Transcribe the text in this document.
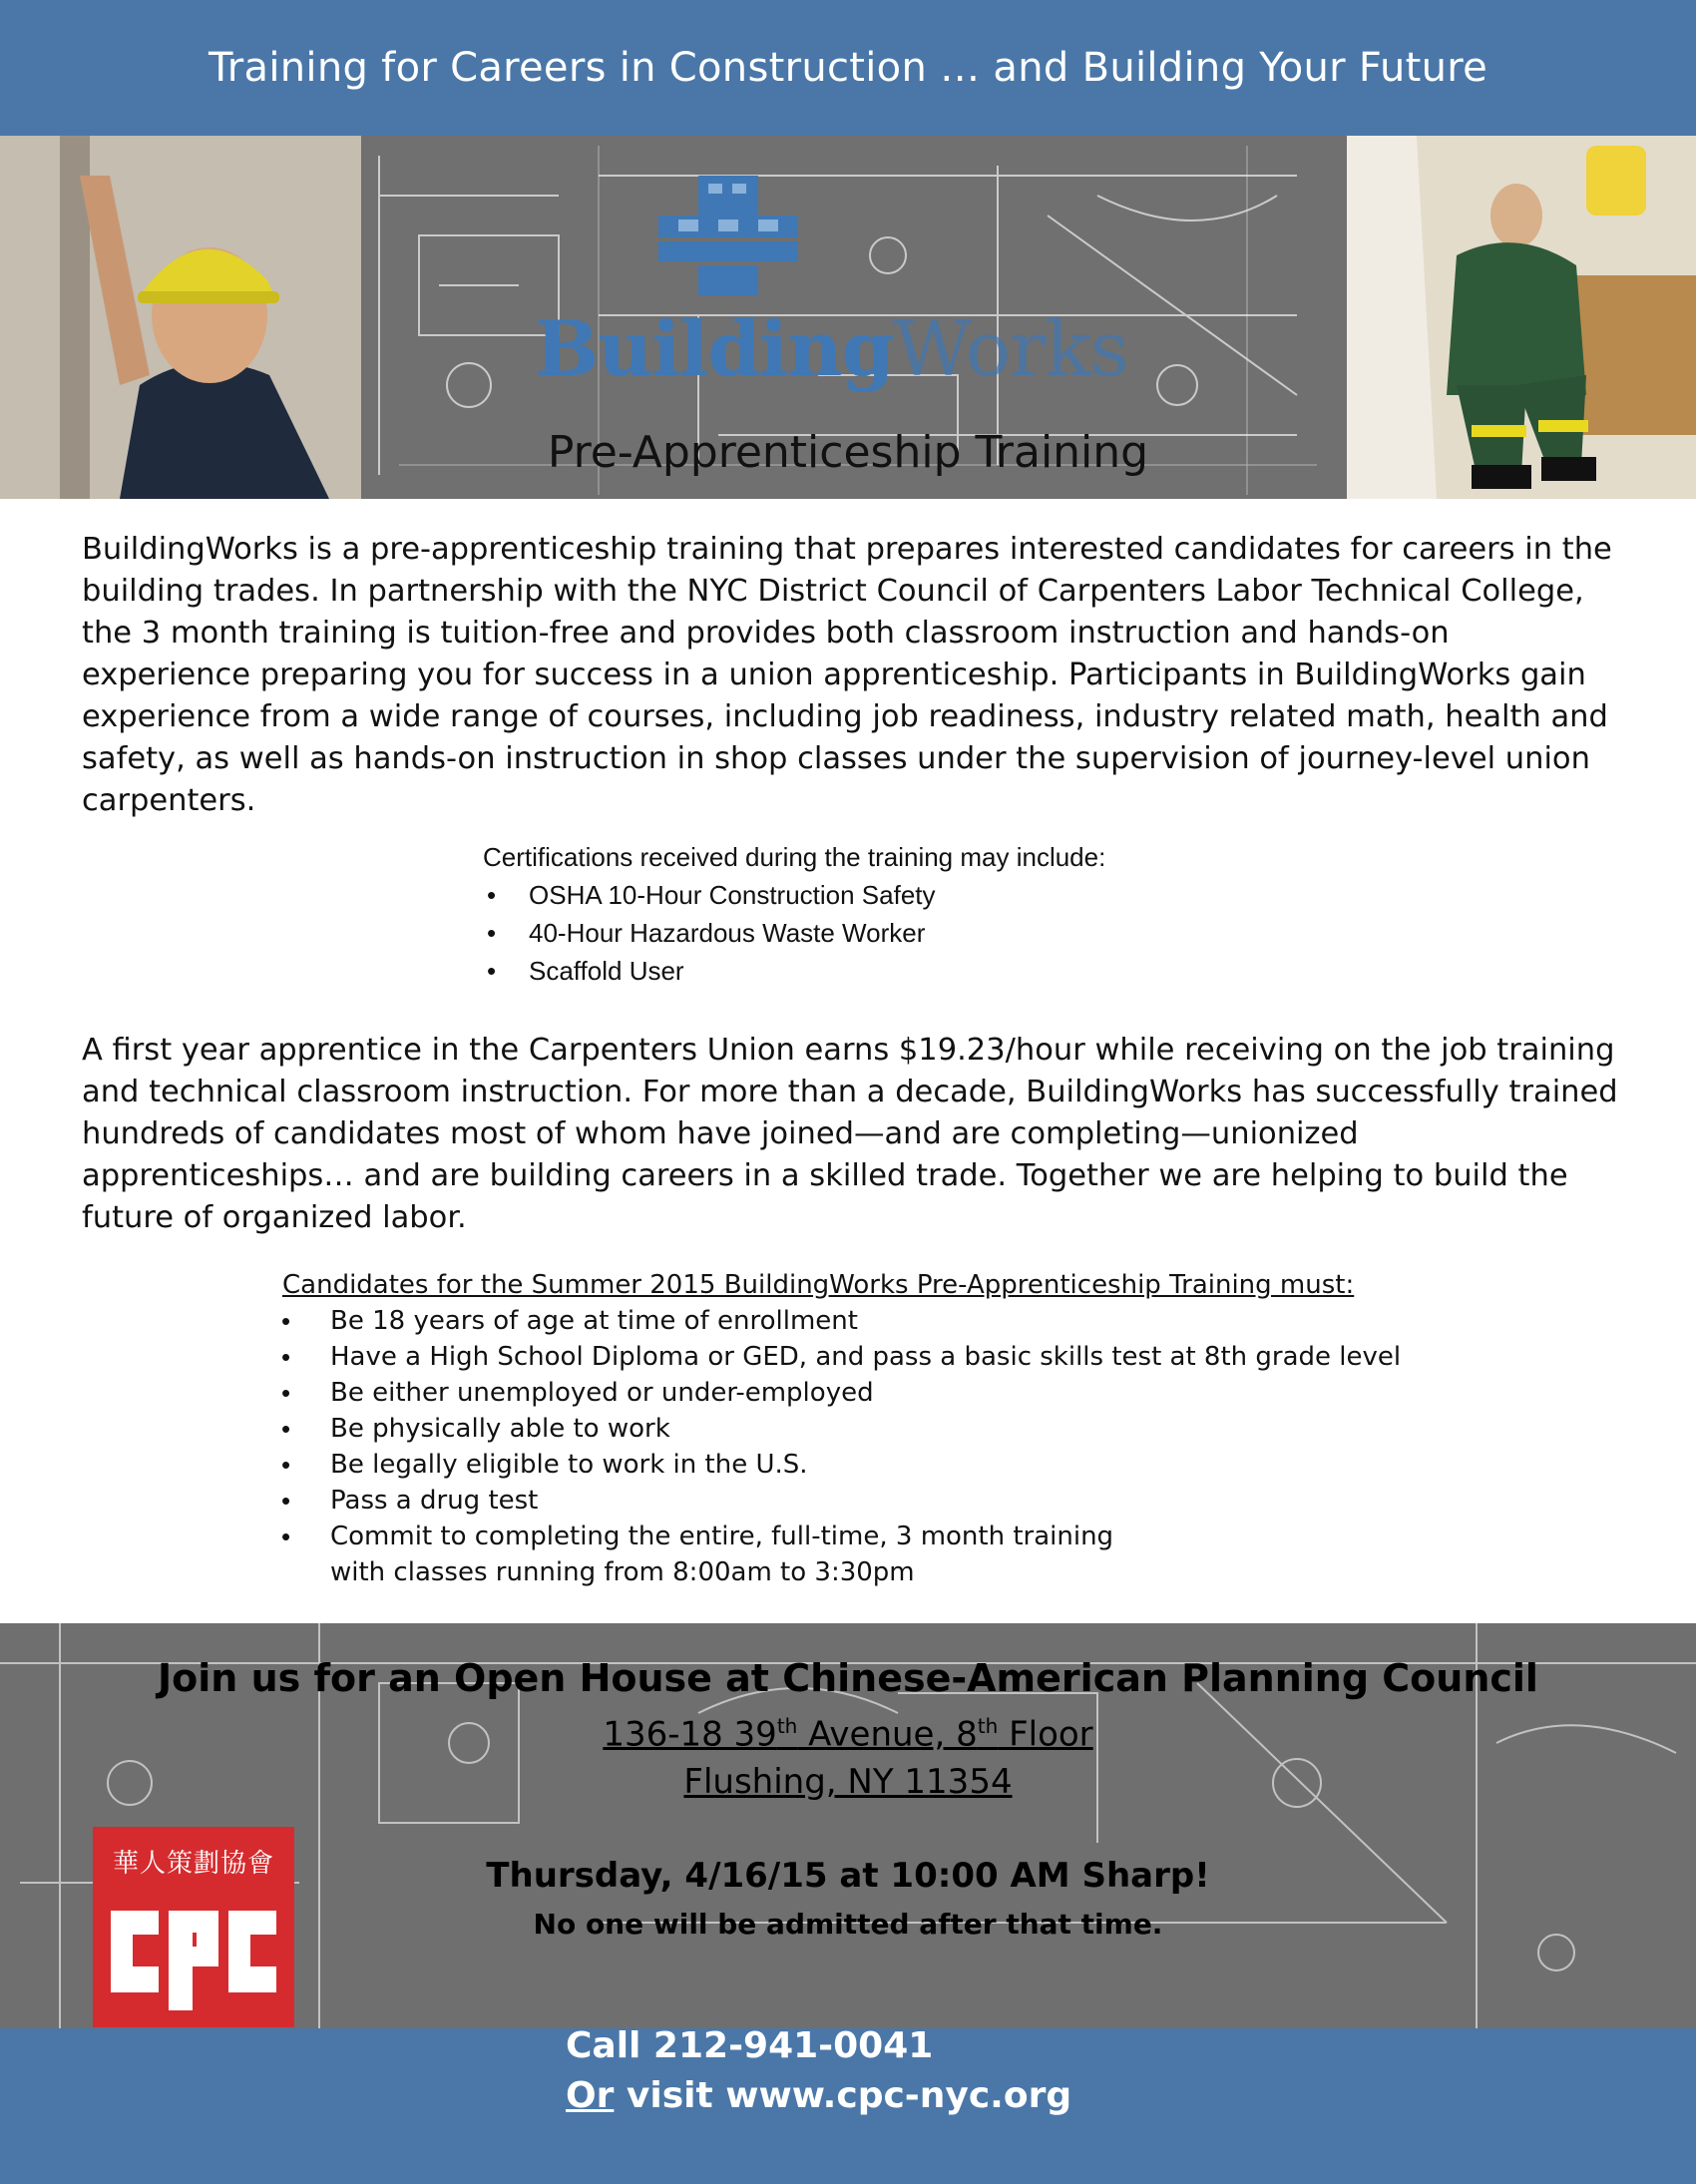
Training for Careers in Construction … and Building Your Future
BuildingWorks
Pre-Apprenticeship Training
BuildingWorks is a pre-apprenticeship training that prepares interested candidates for careers in the building trades. In partnership with the NYC District Council of Carpenters Labor Technical College, the 3 month training is tuition-free and provides both classroom instruction and hands-on experience preparing you for success in a union apprenticeship. Participants in BuildingWorks gain experience from a wide range of courses, including job readiness, industry related math, health and safety, as well as hands-on instruction in shop classes under the supervision of journey-level union carpenters.
Certifications received during the training may include:
• OSHA 10-Hour Construction Safety
• 40-Hour Hazardous Waste Worker
• Scaffold User
A first year apprentice in the Carpenters Union earns $19.23/hour while receiving on the job training and technical classroom instruction. For more than a decade, BuildingWorks has successfully trained hundreds of candidates most of whom have joined—and are completing—unionized apprenticeships… and are building careers in a skilled trade. Together we are helping to build the future of organized labor.
Candidates for the Summer 2015 BuildingWorks Pre-Apprenticeship Training must:
• Be 18 years of age at time of enrollment
• Have a High School Diploma or GED, and pass a basic skills test at 8th grade level
• Be either unemployed or under-employed
• Be physically able to work
• Be legally eligible to work in the U.S.
• Pass a drug test
• Commit to completing the entire, full-time, 3 month training
with classes running from 8:00am to 3:30pm
Join us for an Open House at Chinese-American Planning Council
136-18 39th Avenue, 8th Floor
Flushing, NY 11354
Thursday, 4/16/15 at 10:00 AM Sharp!
No one will be admitted after that time.
華人策劃協會
Call 212-941-0041
Or visit www.cpc-nyc.org
